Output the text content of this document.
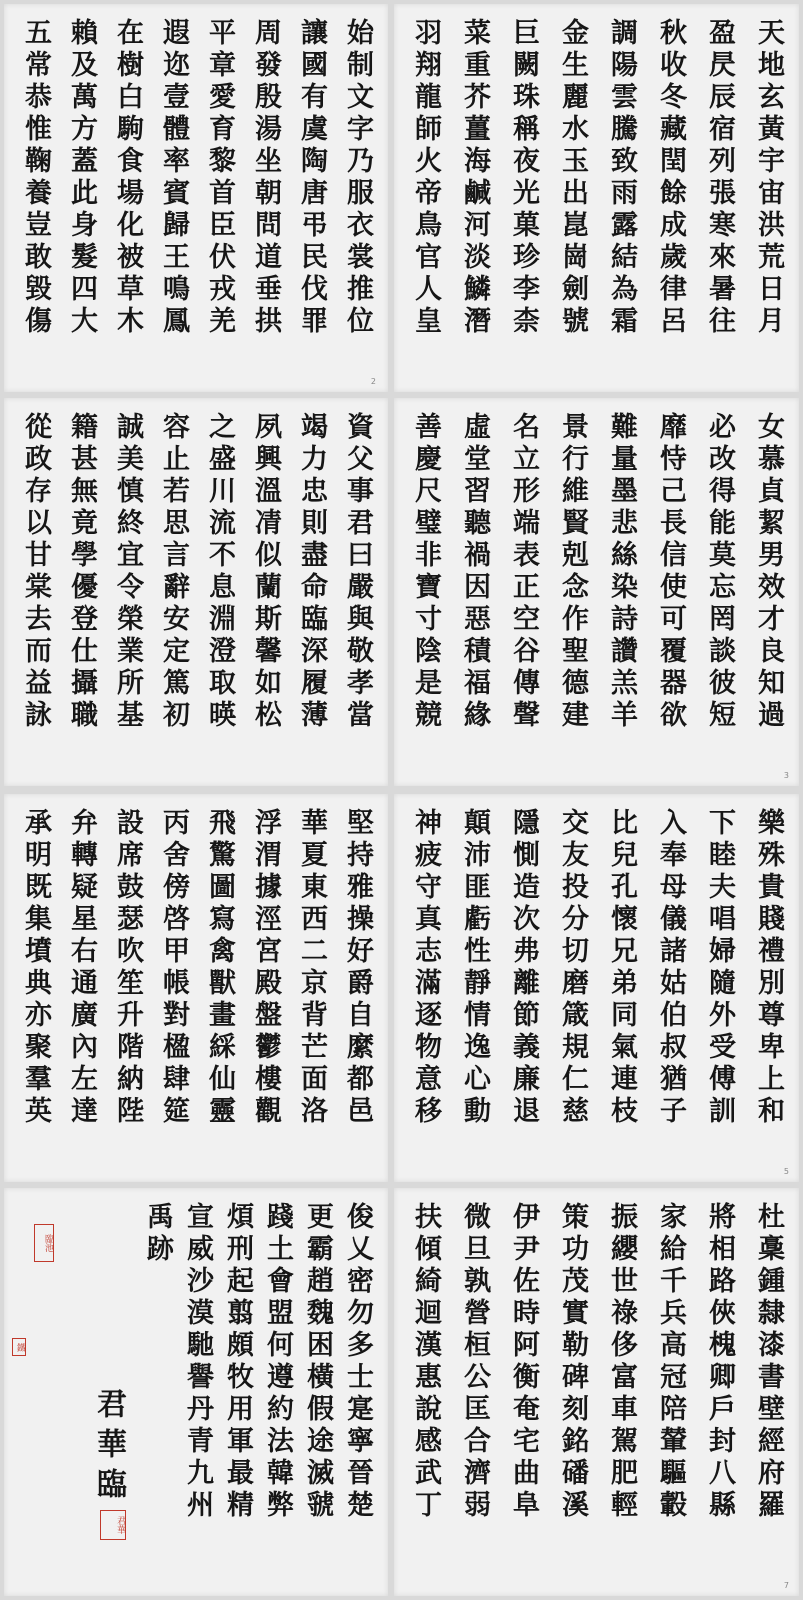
始制文字乃服衣裳推位
讓國有虞陶唐弔民伐罪
周發殷湯坐朝問道垂拱
平章愛育黎首臣伏戎羌
遐迩壹體率賓歸王鳴鳳
在樹白駒食場化被草木
賴及萬方蓋此身髮四大
五常恭惟鞠養豈敢毀傷
2
天地玄黃宇宙洪荒日月
盈昃辰宿列張寒來暑往
秋收冬藏閏餘成歲律呂
調陽雲騰致雨露結為霜
金生麗水玉出崑崗劍號
巨闕珠稱夜光菓珍李柰
菜重芥薑海鹹河淡鱗潛
羽翔龍師火帝鳥官人皇
資父事君曰嚴與敬孝當
竭力忠則盡命臨深履薄
夙興溫凊似蘭斯馨如松
之盛川流不息淵澄取暎
容止若思言辭安定篤初
誠美慎終宜令榮業所基
籍甚無竟學優登仕攝職
從政存以甘棠去而益詠	女慕貞絜男效才良知過
必改得能莫忘罔談彼短
靡恃己長信使可覆器欲
難量墨悲絲染詩讚羔羊
景行維賢剋念作聖德建
名立形端表正空谷傳聲
虛堂習聽禍因惡積福緣
善慶尺璧非寶寸陰是競
3
堅持雅操好爵自縻都邑
華夏東西二京背芒面洛
浮渭據涇宮殿盤鬱樓觀
飛驚圖寫禽獸畫綵仙靈
丙舍傍啓甲帳對楹肆筵
設席鼓瑟吹笙升階納陛
弁轉疑星右通廣內左達
承明既集墳典亦聚羣英	樂殊貴賤禮別尊卑上和
下睦夫唱婦隨外受傅訓
入奉母儀諸姑伯叔猶子
比兒孔懷兄弟同氣連枝
交友投分切磨箴規仁慈
隱惻造次弗離節義廉退
顛沛匪虧性靜情逸心動
神疲守真志滿逐物意移
5
俊乂密勿多士寔寧晉楚
更霸趙魏困橫假途滅虢
踐土會盟何遵約法韓弊
煩刑起翦頗牧用軍最精
宣威沙漠馳譽丹青九州
禹跡
君華臨
君華
臨池
鐵	杜稾鍾隸漆書壁經府羅
將相路俠槐卿戶封八縣
家給千兵高冠陪輦驅轂
振纓世祿侈富車駕肥輕
策功茂實勒碑刻銘磻溪
伊尹佐時阿衡奄宅曲阜
微旦孰營桓公匡合濟弱
扶傾綺迴漢惠說感武丁
7
